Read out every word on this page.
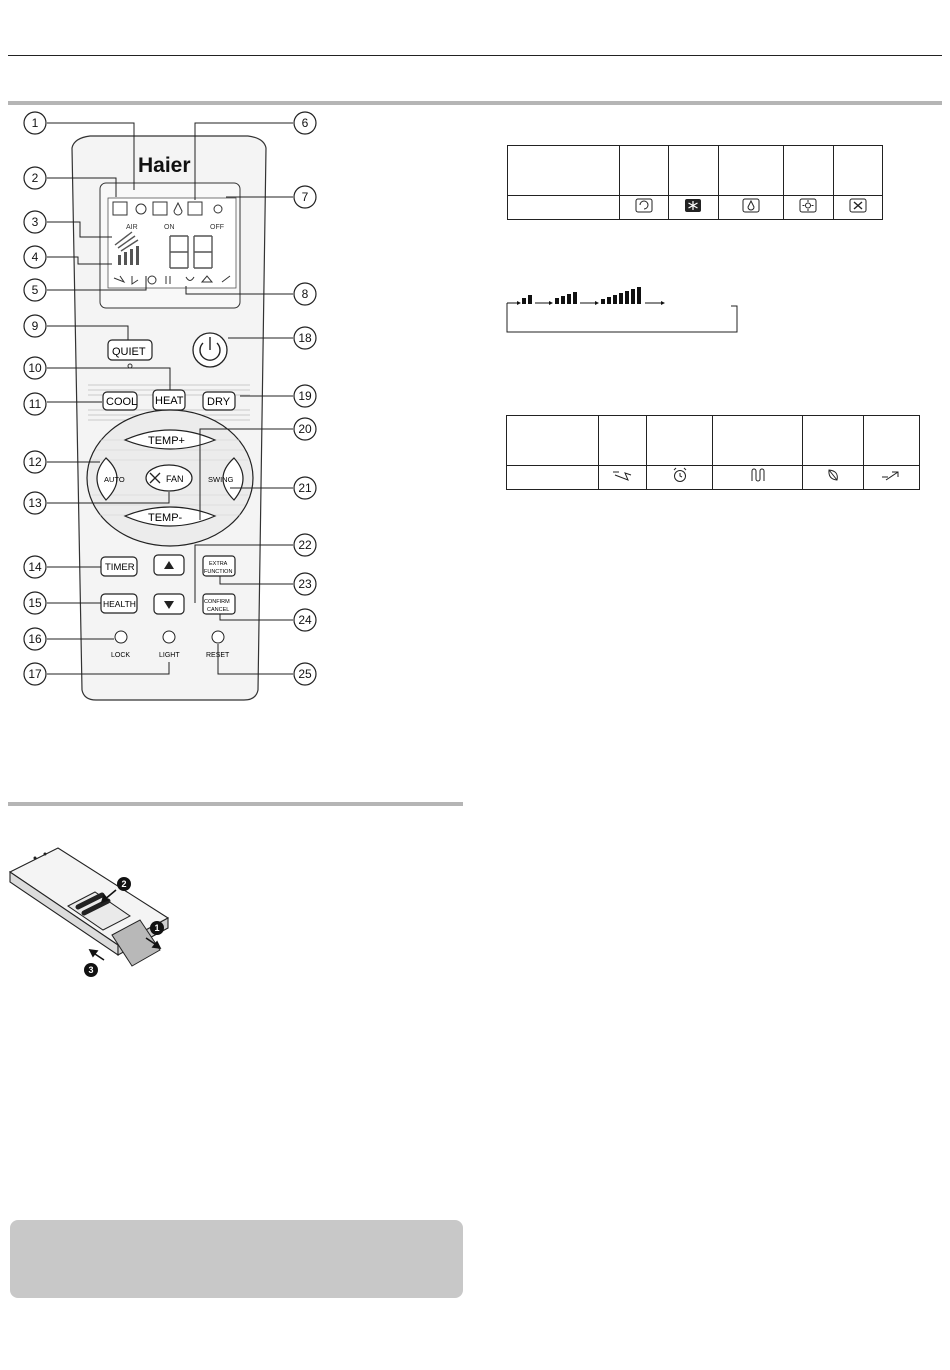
AIR	ON	OFF
Haier
QUIET
COOL HEAT DRY
TEMP+
TEMP-
AUTO	SWING
FAN
TIMER
HEALTH
EXTRA
FUNCTION
CONFIRM
CANCEL
LOCK	LIGHT	RESET
1
2
3
4
5
6
7
8
9
10
11
12
13
14
15
16
17
18
19
20
21
22
23
24
25
1
2
3
